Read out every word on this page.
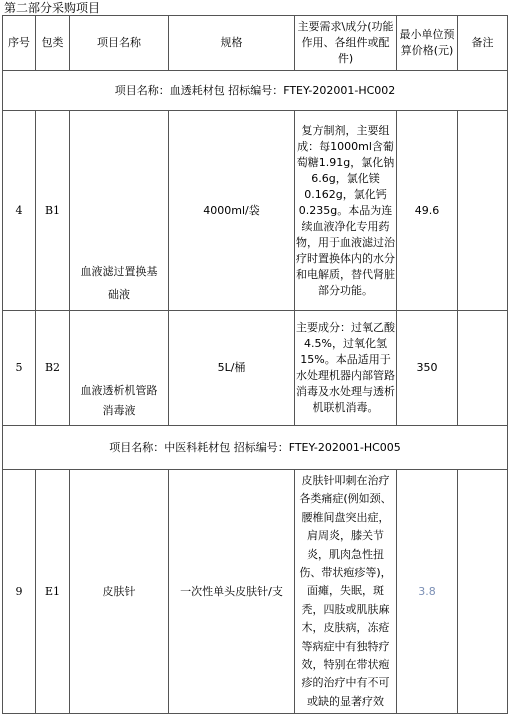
第二部分采购项目
序号	包类	项目名称	规格	主要需求\成分(功能作用、各组件或配件)	最小单位预算价格(元)	备注
项目名称：血透耗材包 招标编号：FTEY-202001-HC002						
4	B1	血液滤过置换基础液	4000ml/袋	复方制剂，主要组成：每1000ml含葡萄糖1.91g，氯化钠6.6g，氯化镁0.162g，氯化钙0.235g。本品为连续血液净化专用药物，用于血液滤过治疗时置换体内的水分和电解质，替代肾脏部分功能。	49.6	
5	B2	血液透析机管路消毒液	5L/桶	主要成分：过氧乙酸4.5%，过氧化氢15%。本品适用于水处理机器内部管路消毒及水处理与透析机联机消毒。	350	
项目名称：中医科耗材包 招标编号：FTEY-202001-HC005						
9	E1	皮肤针	一次性单头皮肤针/支	皮肤针叩刺在治疗各类痛症(例如颈、腰椎间盘突出症，肩周炎，膝关节炎，肌肉急性扭伤、带状疱疹等)，面瘫，失眠，斑秃，四肢或肌肤麻木，皮肤病，冻疮等病症中有独特疗效，特别在带状疱疹的治疗中有不可或缺的显著疗效	3.8	
